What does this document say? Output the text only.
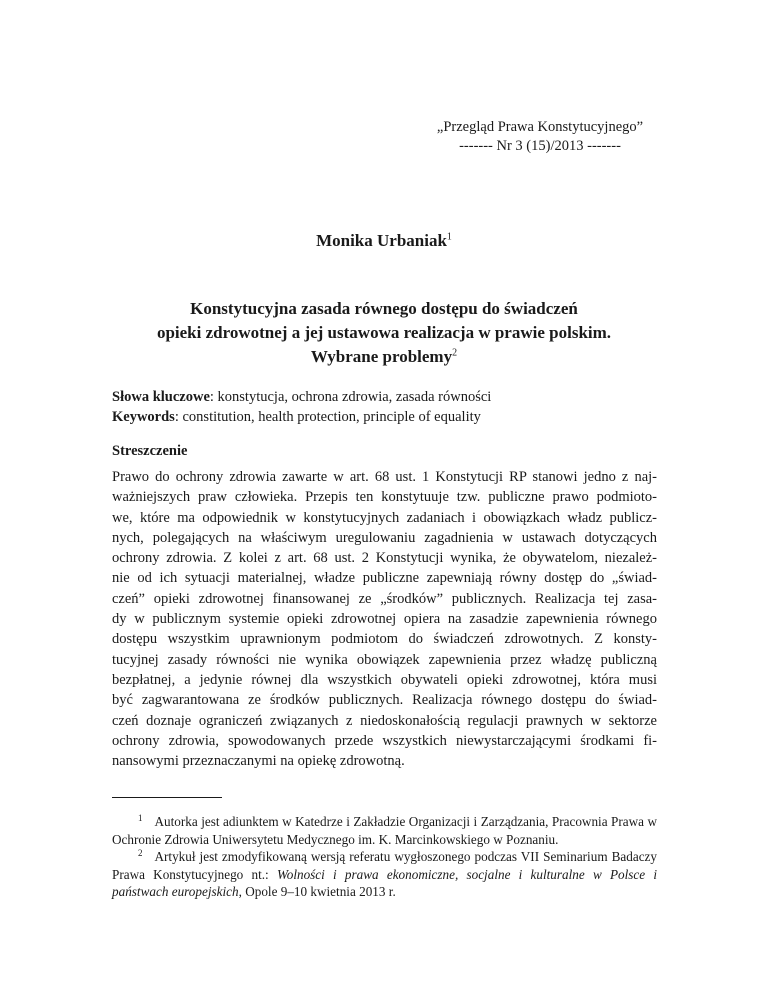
„Przegląd Prawa Konstytucyjnego”
------- Nr 3 (15)/2013 -------
Monika Urbaniak$^1$
Konstytucyjna zasada równego dostępu do świadczeń
opieki zdrowotnej a jej ustawowa realizacja w prawie polskim.
Wybrane problemy$^2$
Słowa kluczowe: konstytucja, ochrona zdrowia, zasada równości
Keywords: constitution, health protection, principle of equality
Streszczenie
Prawo do ochrony zdrowia zawarte w art. 68 ust. 1 Konstytucji RP stanowi jedno z naj-
ważniejszych praw człowieka. Przepis ten konstytuuje tzw. publiczne prawo podmioto-
we, które ma odpowiednik w konstytucyjnych zadaniach i obowiązkach władz publicz-
nych, polegających na właściwym uregulowaniu zagadnienia w ustawach dotyczących
ochrony zdrowia. Z kolei z art. 68 ust. 2 Konstytucji wynika, że obywatelom, niezależ-
nie od ich sytuacji materialnej, władze publiczne zapewniają równy dostęp do „świad-
czeń” opieki zdrowotnej finansowanej ze „środków” publicznych. Realizacja tej zasa-
dy w publicznym systemie opieki zdrowotnej opiera na zasadzie zapewnienia równego
dostępu wszystkim uprawnionym podmiotom do świadczeń zdrowotnych. Z konsty-
tucyjnej zasady równości nie wynika obowiązek zapewnienia przez władzę publiczną
bezpłatnej, a jedynie równej dla wszystkich obywateli opieki zdrowotnej, która musi
być zagwarantowana ze środków publicznych. Realizacja równego dostępu do świad-
czeń doznaje ograniczeń związanych z niedoskonałością regulacji prawnych w sektorze
ochrony zdrowia, spowodowanych przede wszystkich niewystarczającymi środkami fi-
nansowymi przeznaczanymi na opiekę zdrowotną.

$^1$ Autorka jest adiunktem w Katedrze i Zakładzie Organizacji i Zarządzania, Pracownia Prawa w Ochronie Zdrowia Uniwersytetu Medycznego im. K. Marcinkowskiego w Poznaniu.

$^2$ Artykuł jest zmodyfikowaną wersją referatu wygłoszonego podczas VII Seminarium Badaczy Prawa Konstytucyjnego nt.: Wolności i prawa ekonomiczne, socjalne i kulturalne w Polsce i państwach europejskich, Opole 9–10 kwietnia 2013 r.
